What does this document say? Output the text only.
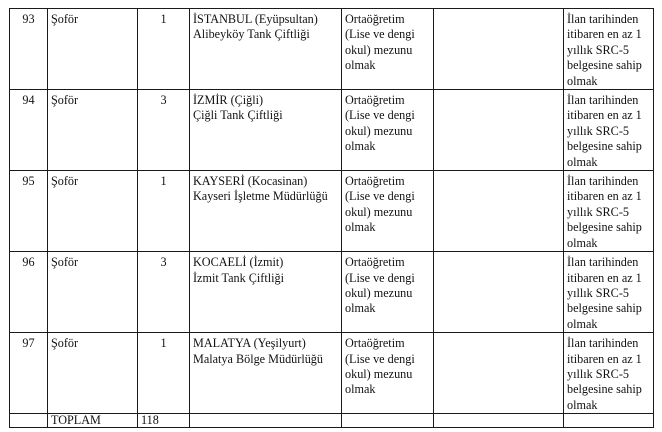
93	Şoför	1	İSTANBUL (Eyüpsultan)
Alibeyköy Tank Çiftliği	Ortaöğretim
(Lise ve dengi
okul) mezunu
olmak		İlan tarihinden
itibaren en az 1
yıllık SRC-5
belgesine sahip
olmak

94	Şoför	3	İZMİR (Çiğli)
Çiğli Tank Çiftliği	Ortaöğretim
(Lise ve dengi
okul) mezunu
olmak		İlan tarihinden
itibaren en az 1
yıllık SRC-5
belgesine sahip
olmak

95	Şoför	1	KAYSERİ (Kocasinan)
Kayseri İşletme Müdürlüğü	Ortaöğretim
(Lise ve dengi
okul) mezunu
olmak		İlan tarihinden
itibaren en az 1
yıllık SRC-5
belgesine sahip
olmak

96	Şoför	3	KOCAELİ (İzmit)
İzmit Tank Çiftliği	Ortaöğretim
(Lise ve dengi
okul) mezunu
olmak		İlan tarihinden
itibaren en az 1
yıllık SRC-5
belgesine sahip
olmak

97	Şoför	1	MALATYA (Yeşilyurt)
Malatya Bölge Müdürlüğü	Ortaöğretim
(Lise ve dengi
okul) mezunu
olmak		İlan tarihinden
itibaren en az 1
yıllık SRC-5
belgesine sahip
olmak

	TOPLAM	118				
